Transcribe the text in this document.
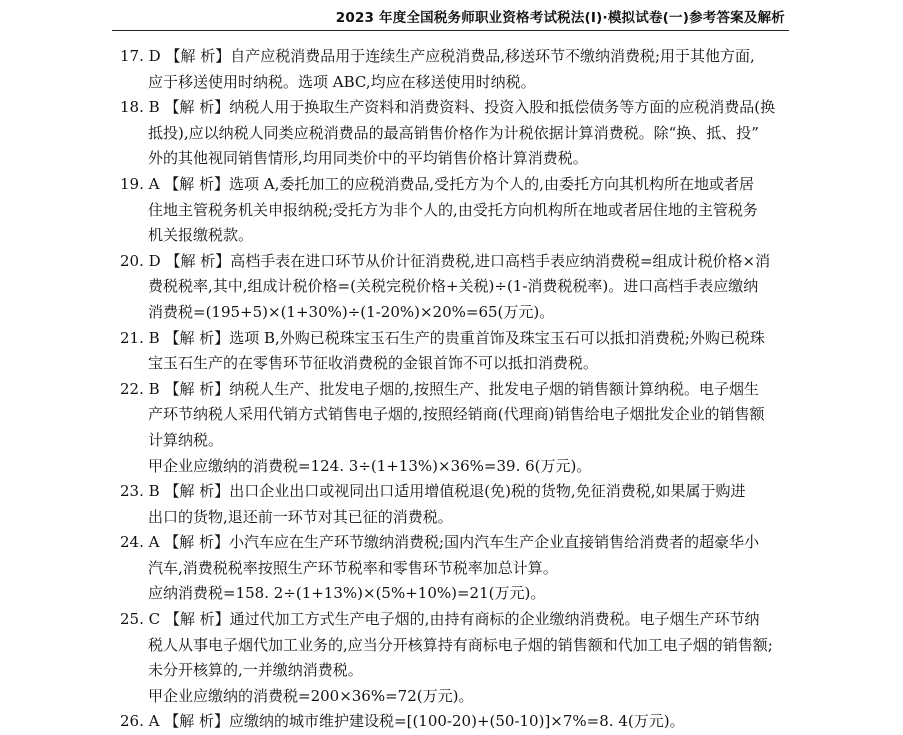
2023 年度全国税务师职业资格考试税法(Ⅰ)·模拟试卷(一)参考答案及解析
17. D 【解 析】自产应税消费品用于连续生产应税消费品,移送环节不缴纳消费税;用于其他方面,
应于移送使用时纳税。选项 ABC,均应在移送使用时纳税。
18. B 【解 析】纳税人用于换取生产资料和消费资料、投资入股和抵偿债务等方面的应税消费品(换
抵投),应以纳税人同类应税消费品的最高销售价格作为计税依据计算消费税。除“换、抵、投”
外的其他视同销售情形,均用同类价中的平均销售价格计算消费税。
19. A 【解 析】选项 A,委托加工的应税消费品,受托方为个人的,由委托方向其机构所在地或者居
住地主管税务机关申报纳税;受托方为非个人的,由受托方向机构所在地或者居住地的主管税务
机关报缴税款。
20. D 【解 析】高档手表在进口环节从价计征消费税,进口高档手表应纳消费税=组成计税价格×消
费税税率,其中,组成计税价格=(关税完税价格+关税)÷(1-消费税税率)。进口高档手表应缴纳
消费税=(195+5)×(1+30%)÷(1-20%)×20%=65(万元)。
21. B 【解 析】选项 B,外购已税珠宝玉石生产的贵重首饰及珠宝玉石可以抵扣消费税;外购已税珠
宝玉石生产的在零售环节征收消费税的金银首饰不可以抵扣消费税。
22. B 【解 析】纳税人生产、批发电子烟的,按照生产、批发电子烟的销售额计算纳税。电子烟生
产环节纳税人采用代销方式销售电子烟的,按照经销商(代理商)销售给电子烟批发企业的销售额
计算纳税。
甲企业应缴纳的消费税=124. 3÷(1+13%)×36%=39. 6(万元)。
23. B 【解 析】出口企业出口或视同出口适用增值税退(免)税的货物,免征消费税,如果属于购进
出口的货物,退还前一环节对其已征的消费税。
24. A 【解 析】小汽车应在生产环节缴纳消费税;国内汽车生产企业直接销售给消费者的超豪华小
汽车,消费税税率按照生产环节税率和零售环节税率加总计算。
应纳消费税=158. 2÷(1+13%)×(5%+10%)=21(万元)。
25. C 【解 析】通过代加工方式生产电子烟的,由持有商标的企业缴纳消费税。电子烟生产环节纳
税人从事电子烟代加工业务的,应当分开核算持有商标电子烟的销售额和代加工电子烟的销售额;
未分开核算的,一并缴纳消费税。
甲企业应缴纳的消费税=200×36%=72(万元)。
26. A 【解 析】应缴纳的城市维护建设税=[(100-20)+(50-10)]×7%=8. 4(万元)。
